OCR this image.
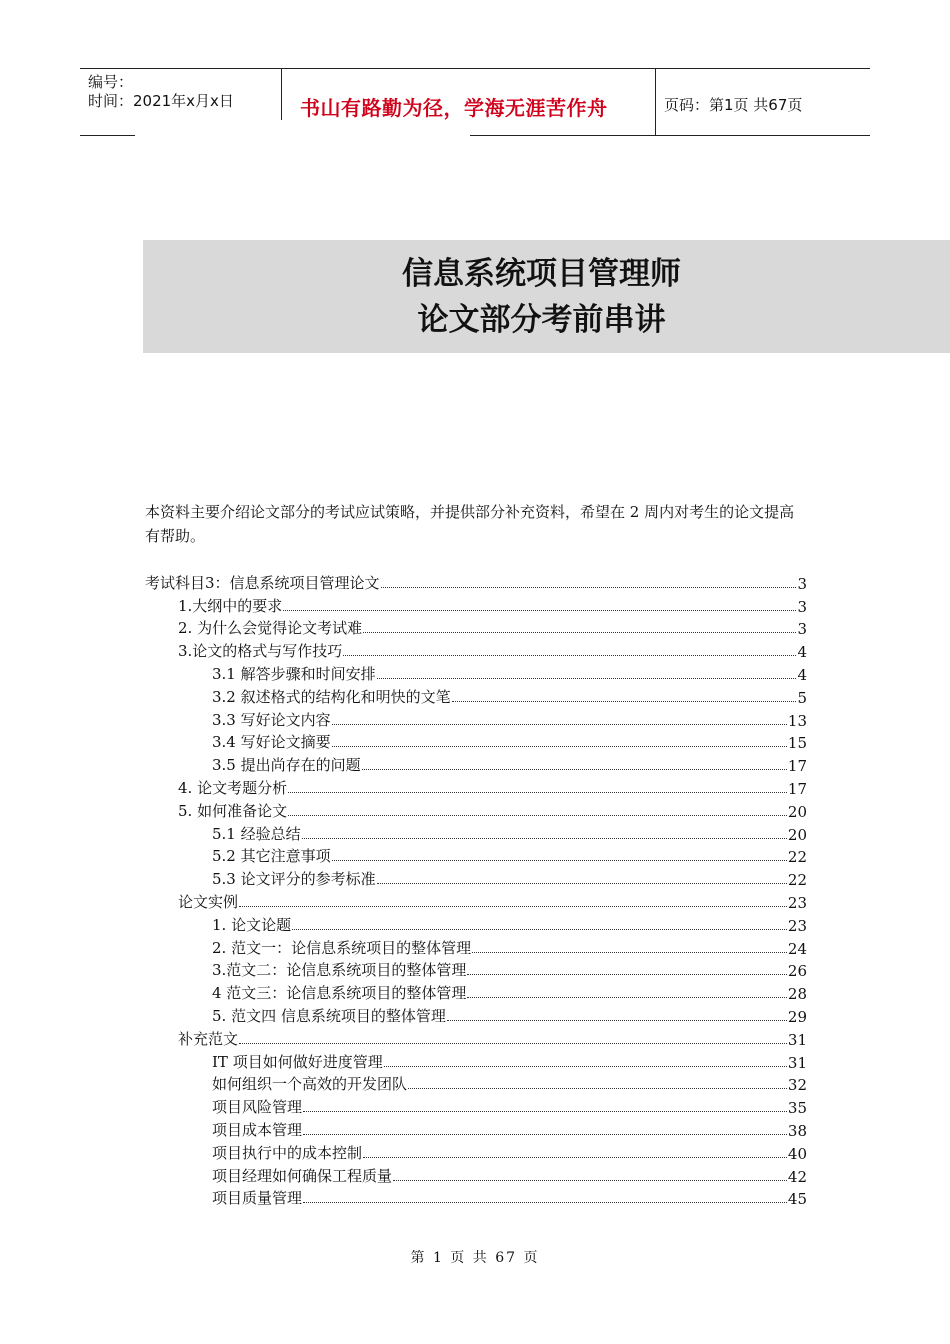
编号：
时间：2021年x月x日	书山有路勤为径，学海无涯苦作舟	页码：第1页 共67页
信息系统项目管理师
论文部分考前串讲
本资料主要介绍论文部分的考试应试策略，并提供部分补充资料，希望在 2 周内对考生的论文提高有帮助。
考试科目3：信息系统项目管理论文	3
1.大纲中的要求	3
2. 为什么会觉得论文考试难	3
3.论文的格式与写作技巧	4
3.1 解答步骤和时间安排	4
3.2 叙述格式的结构化和明快的文笔	5
3.3 写好论文内容	13
3.4 写好论文摘要	15
3.5 提出尚存在的问题	17
4. 论文考题分析	17
5. 如何准备论文	20
5.1 经验总结	20
5.2 其它注意事项	22
5.3 论文评分的参考标准	22
论文实例	23
1. 论文论题	23
2. 范文一：论信息系统项目的整体管理	24
3.范文二：论信息系统项目的整体管理	26
4 范文三：论信息系统项目的整体管理	28
5. 范文四 信息系统项目的整体管理	29
补充范文	31
IT 项目如何做好进度管理	31
如何组织一个高效的开发团队	32
项目风险管理	35
项目成本管理	38
项目执行中的成本控制	40
项目经理如何确保工程质量	42
项目质量管理	45
第 1 页 共 67 页
